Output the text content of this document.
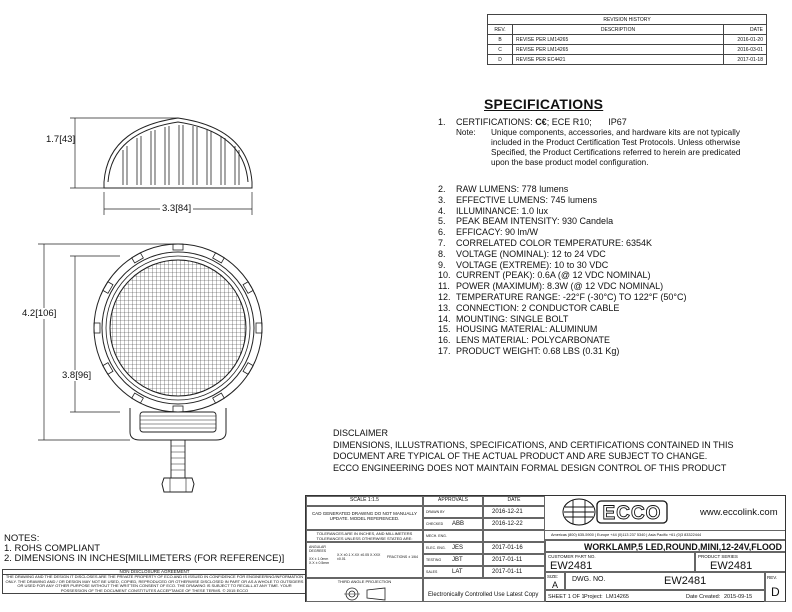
REVISION HISTORY		
REV.	DESCRIPTION	DATE
B	REVISE PER LM14265	2016-01-20
C	REVISE PER LM14265	2016-03-01
D	REVISE PER EC4421	2017-01-18
1.7[43]
3.3[84]
4.2[106]
3.8[96]
SPECIFICATIONS
1. CERTIFICATIONS: C€; ECE R10; IP67
Note: Unique components, accessories, and hardware kits are not typically included in the Product Certification Test Protocols. Unless otherwise Specified, the Product Certifications referred to herein are predicated upon the base product model configuration.
2.	RAW LUMENS: 778 lumens
3.	EFFECTIVE LUMENS: 745 lumens
4.	ILLUMINANCE: 1.0 lux
5.	PEAK BEAM INTENSITY: 930 Candela
6.	EFFICACY: 90 lm/W
7.	CORRELATED COLOR TEMPERATURE: 6354K
8.	VOLTAGE (NOMINAL): 12 to 24 VDC
9.	VOLTAGE (EXTREME): 10 to 30 VDC
10. CURRENT (PEAK): 0.6A (@ 12 VDC NOMINAL)
11. POWER (MAXIMUM): 8.3W (@ 12 VDC NOMINAL)
12. TEMPERATURE RANGE: -22°F (-30°C) TO 122°F (50°C)
13. CONNECTION: 2 CONDUCTOR CABLE
14. MOUNTING: SINGLE BOLT
15. HOUSING MATERIAL: ALUMINUM
16. LENS MATERIAL: POLYCARBONATE
17. PRODUCT WEIGHT: 0.68 LBS (0.31 Kg)
DISCLAIMER
DIMENSIONS, ILLUSTRATIONS, SPECIFICATIONS, AND CERTIFICATIONS CONTAINED IN THIS
DOCUMENT ARE TYPICAL OF THE ACTUAL PRODUCT AND ARE SUBJECT TO CHANGE.
ECCO ENGINEERING DOES NOT MAINTAIN FORMAL DESIGN CONTROL OF THIS PRODUCT
NOTES:
1. ROHS COMPLIANT
2. DIMENSIONS IN INCHES[MILLIMETERS (FOR REFERENCE)]
NON DISCLOSURE AGREEMENT
THE DRAWING AND THE DESIGN IT DISCLOSES ARE THE PRIVATE PROPERTY OF ECO AND IS ISSUED IN CONFIDENCE FOR ENGINEERING/INFORMATION ONLY. THE DRAWING AND / OR DESIGN MAY NOT BE USED, COPIED, REPRODUCED OR OTHERWISE DISCLOSED IN PART OR AS A WHOLE TO OUTSIDERS OR USED FOR ANY OTHER PURPOSE WITHOUT THE WRITTEN CONSENT OF ECO. THE DRAWING IS SUBJECT TO RECALL AT ANY TIME. YOUR POSSESSION OF THE DOCUMENT CONSTITUTES ACCEPTANCE OF THESE TERMS. © 2015 ECCO
SCALE 1:1.5
CAD GENERATED DRAWING DO NOT MANUALLY UPDATE. MODEL REFERENCED.
TOLERANCES ARE IN INCHES, AND MILLIMETERS TOLERANCES UNLESS OTHERWISE STATED ARE:
ANGULAR DEGREES
XX ± 1.0mm X.X ± 0.5mm
X.X ±0.1 X.XX ±0.05 X.XXX ±0.01	FRACTIONS ± 1/64
THIRD ANGLE PROJECTION
APPROVALS	DATE
DRAWN BY	2016-12-21
CHECKED ABB	2016-12-22
MECH. ENG.
ELEC. ENG. JES	2017-01-16
TESTING JBT	2017-01-11
SALES LAT	2017-01-11
Electronically Controlled Use Latest Copy
ECCO	www.eccolink.com
Americas (800) 635-5900 | Europe +44 (0)113 237 5340 | Asia Pacific +61 (0)3 83322444
WORKLAMP,5 LED,ROUND,MINI,12-24V,FLOOD
CUSTOMER PART NO.
EW2481
PRODUCT SERIES
EW2481
SIZE:
A
DWG. NO.	EW2481	REV.
D
SHEET 1 OF 1 Project: LM14265	Date Created: 2015-09-15
